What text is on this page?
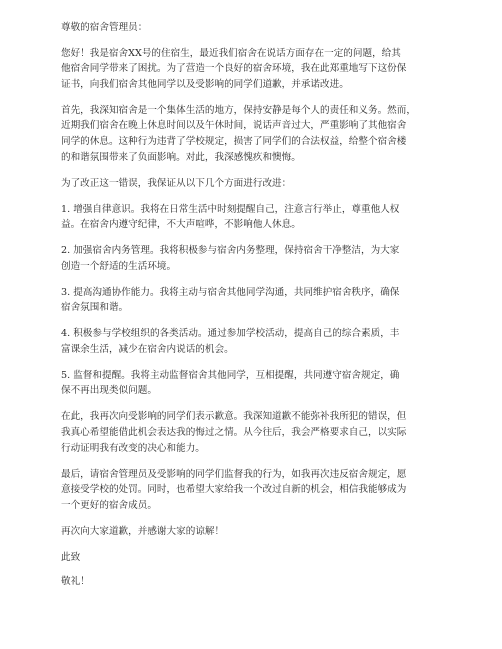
尊敬的宿舍管理员：

您好！我是宿舍XX号的住宿生，最近我们宿舍在说话方面存在一定的问题，给其
他宿舍同学带来了困扰。为了营造一个良好的宿舍环境，我在此郑重地写下这份保
证书，向我们宿舍其他同学以及受影响的同学们道歉，并承诺改进。

首先，我深知宿舍是一个集体生活的地方，保持安静是每个人的责任和义务。然而，
近期我们宿舍在晚上休息时间以及午休时间，说话声音过大，严重影响了其他宿舍
同学的休息。这种行为违背了学校规定，损害了同学们的合法权益，给整个宿舍楼
的和谐氛围带来了负面影响。对此，我深感愧疚和懊悔。

为了改正这一错误，我保证从以下几个方面进行改进：

1. 增强自律意识。我将在日常生活中时刻提醒自己，注意言行举止，尊重他人权
益。在宿舍内遵守纪律，不大声喧哗，不影响他人休息。

2. 加强宿舍内务管理。我将积极参与宿舍内务整理，保持宿舍干净整洁，为大家
创造一个舒适的生活环境。

3. 提高沟通协作能力。我将主动与宿舍其他同学沟通，共同维护宿舍秩序，确保
宿舍氛围和谐。

4. 积极参与学校组织的各类活动。通过参加学校活动，提高自己的综合素质，丰
富课余生活，减少在宿舍内说话的机会。

5. 监督和提醒。我将主动监督宿舍其他同学，互相提醒，共同遵守宿舍规定，确
保不再出现类似问题。

在此，我再次向受影响的同学们表示歉意。我深知道歉不能弥补我所犯的错误，但
我真心希望能借此机会表达我的悔过之情。从今往后，我会严格要求自己，以实际
行动证明我有改变的决心和能力。

最后，请宿舍管理员及受影响的同学们监督我的行为，如我再次违反宿舍规定，愿
意接受学校的处罚。同时，也希望大家给我一个改过自新的机会，相信我能够成为
一个更好的宿舍成员。

再次向大家道歉，并感谢大家的谅解！

此致

敬礼！
